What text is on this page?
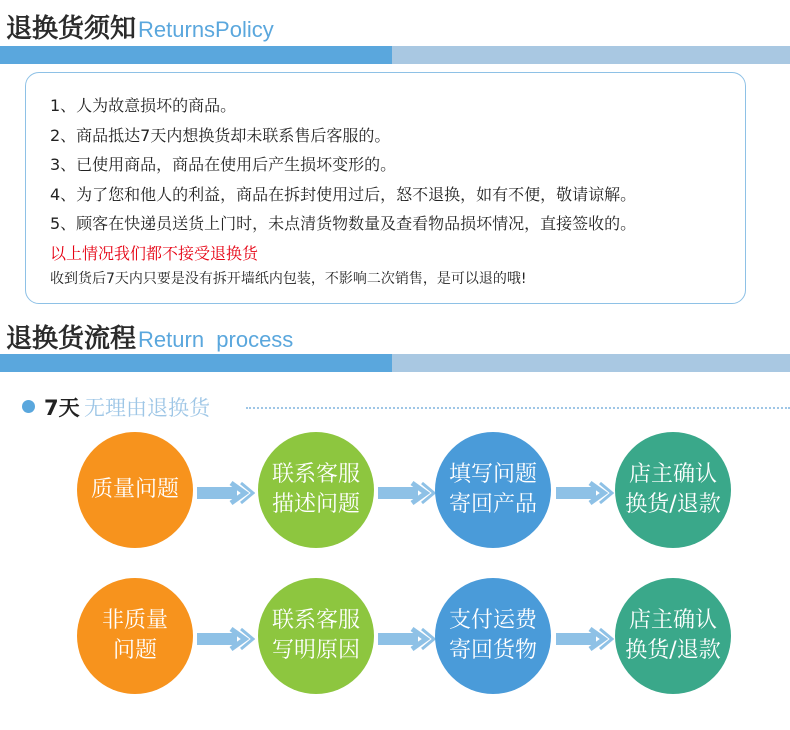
退换货须知ReturnsPolicy
1、人为故意损坏的商品。
2、商品抵达7天内想换货却未联系售后客服的。
3、已使用商品，商品在使用后产生损坏变形的。
4、为了您和他人的利益，商品在拆封使用过后，怒不退换，如有不便，敬请谅解。
5、顾客在快递员送货上门时，未点清货物数量及查看物品损坏情况，直接签收的。
以上情况我们都不接受退换货
收到货后7天内只要是没有拆开墙纸内包装，不影响二次销售，是可以退的哦!
退换货流程Return  process
7天 无理由退换货
质量问题
联系客服
描述问题
填写问题
寄回产品
店主确认
换货/退款
非质量
问题
联系客服
写明原因
支付运费
寄回货物
店主确认
换货/退款
